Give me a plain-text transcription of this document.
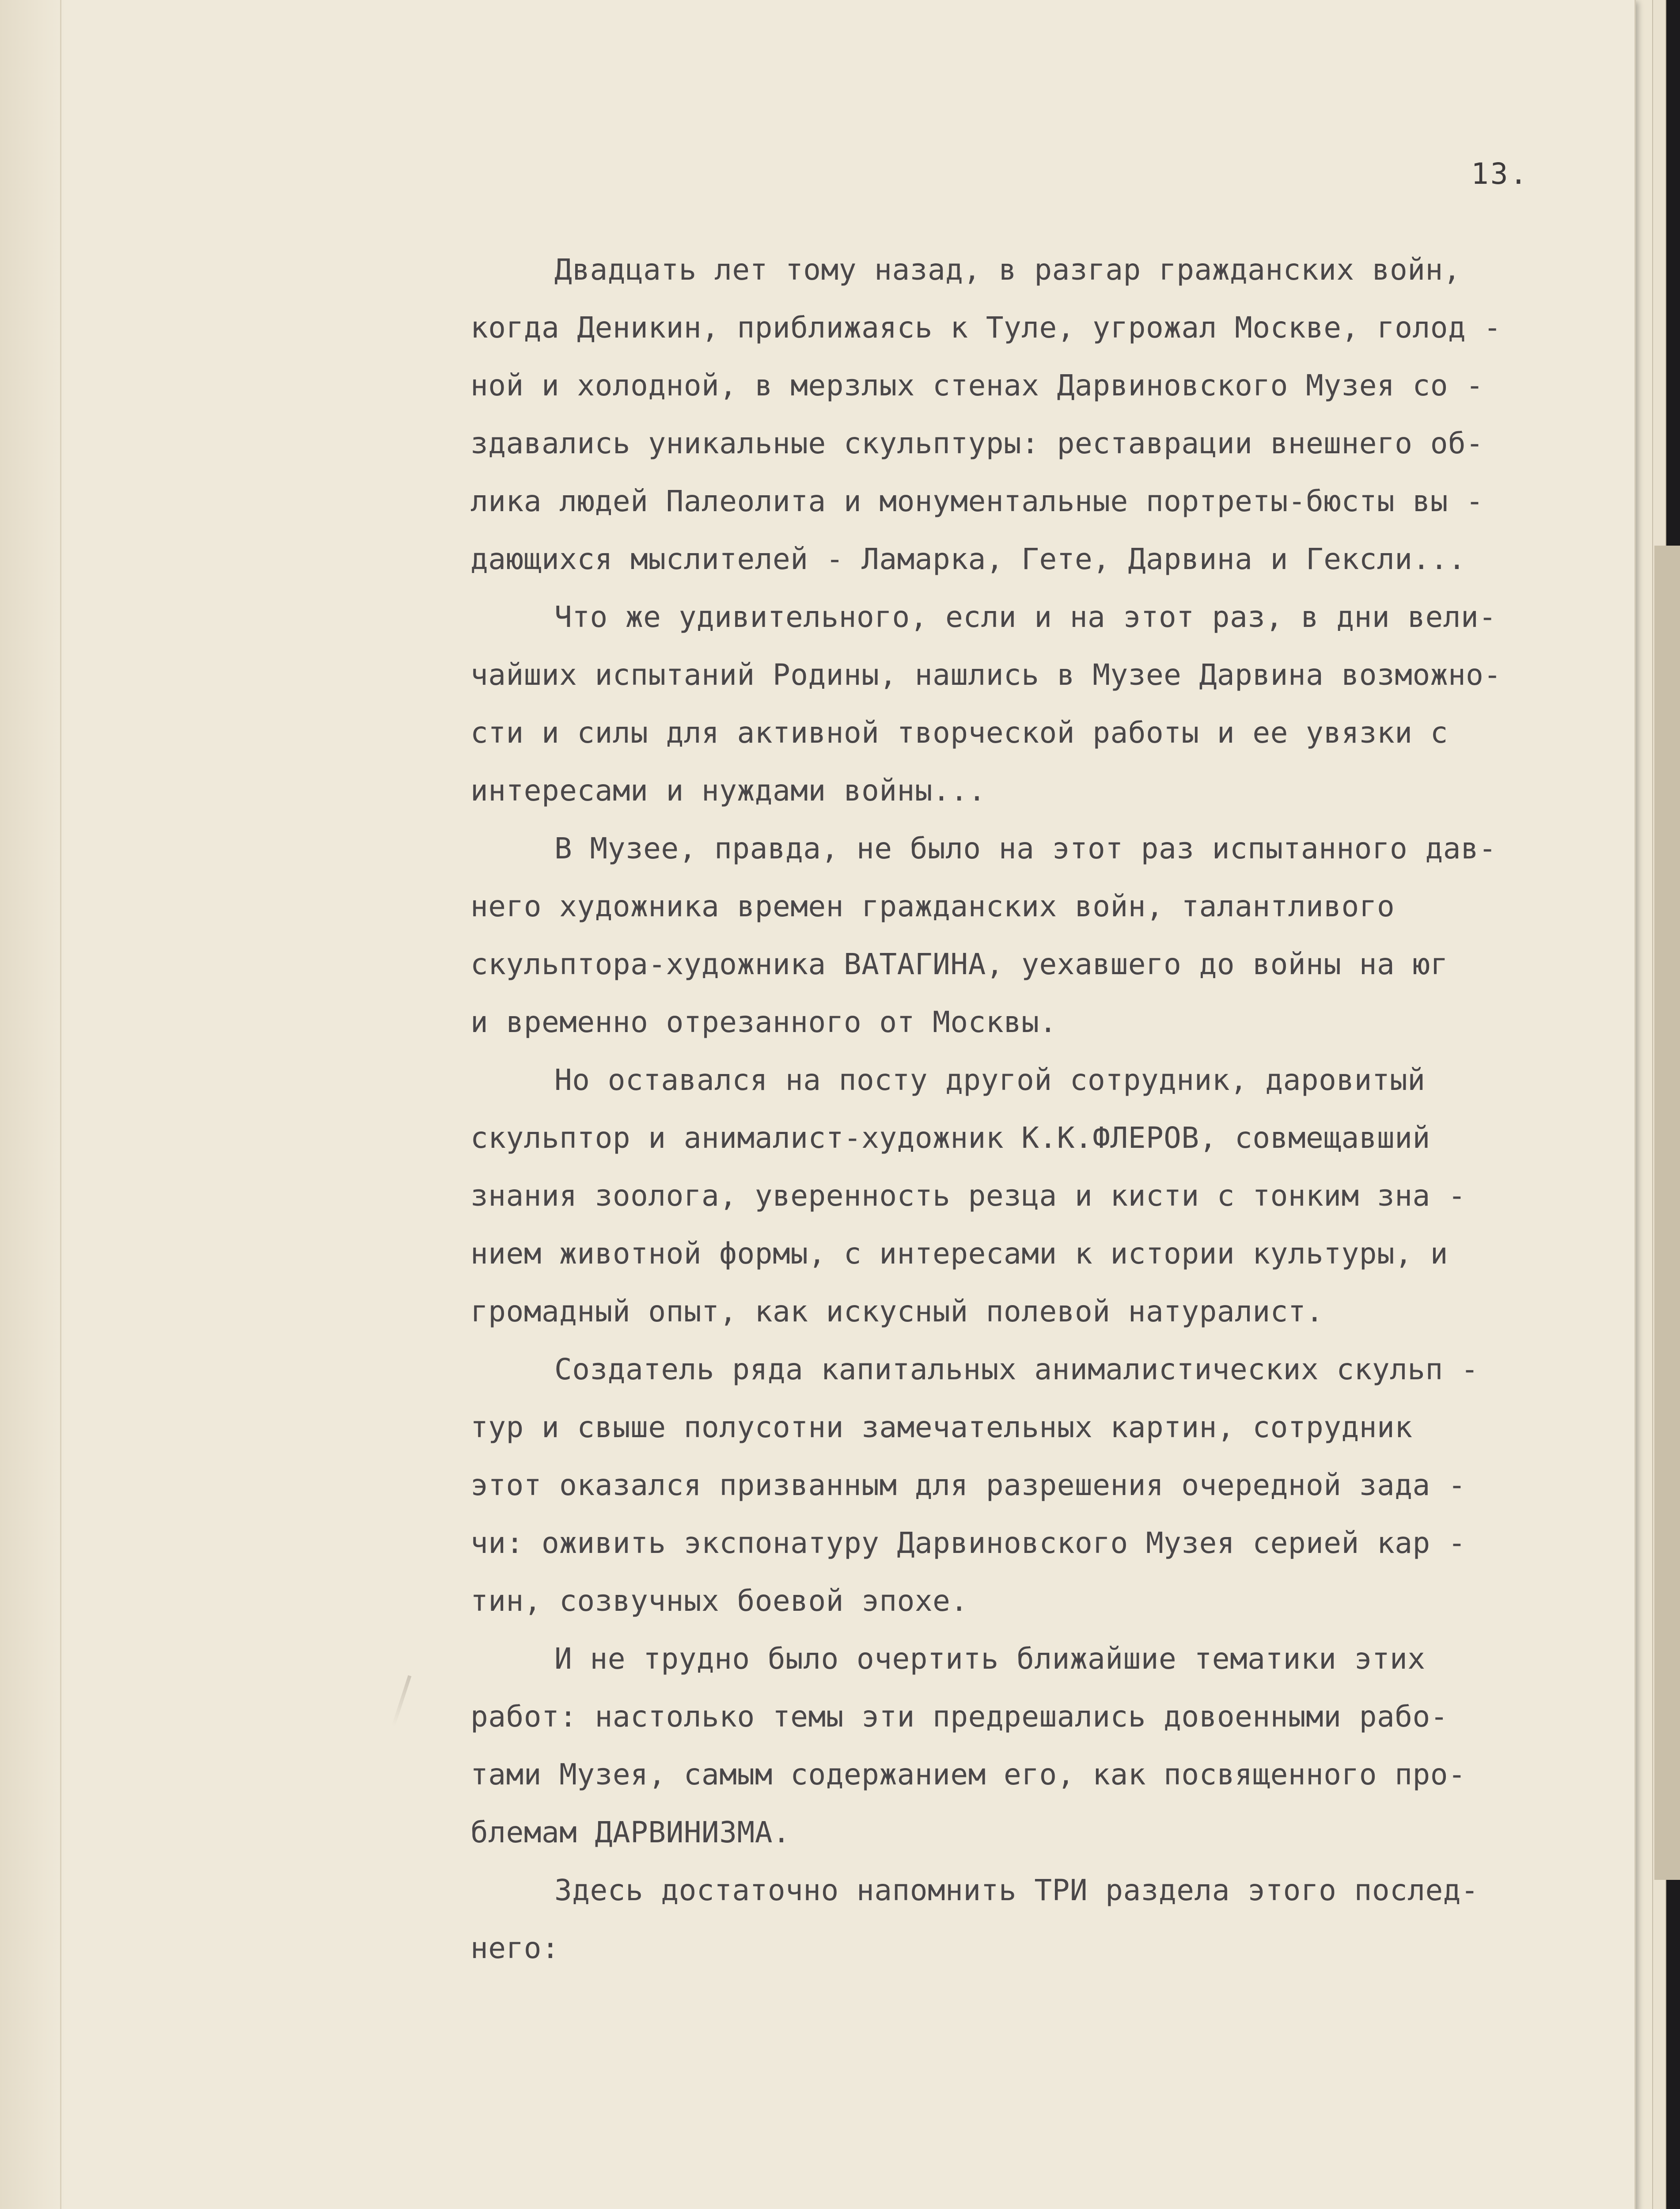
13.
Двадцать лет тому назад, в разгар гражданских войн,
когда Деникин, приближаясь к Туле, угрожал Москве, голод -
ной и холодной, в мерзлых стенах Дарвиновского Музея со -
здавались уникальные скульптуры: реставрации внешнего об-
лика людей Палеолита и монументальные портреты-бюсты вы -
дающихся мыслителей - Ламарка, Гете, Дарвина и Гексли...
Что же удивительного, если и на этот раз, в дни вели-
чайших испытаний Родины, нашлись в Музее Дарвина возможно-
сти и силы для активной творческой работы и ее увязки с
интересами и нуждами войны...
В Музее, правда, не было на этот раз испытанного дав-
него художника времен гражданских войн, талантливого
скульптора-художника ВАТАГИНА, уехавшего до войны на юг
и временно отрезанного от Москвы.
Но оставался на посту другой сотрудник, даровитый
скульптор и анималист-художник К.К.ФЛЕРОВ, совмещавший
знания зоолога, уверенность резца и кисти с тонким зна -
нием животной формы, с интересами к истории культуры, и
громадный опыт, как искусный полевой натуралист.
Создатель ряда капитальных анималистических скульп -
тур и свыше полусотни замечательных картин, сотрудник
этот оказался призванным для разрешения очередной зада -
чи: оживить экспонатуру Дарвиновского Музея серией кар -
тин, созвучных боевой эпохе.
И не трудно было очертить ближайшие тематики этих
работ: настолько темы эти предрешались довоенными рабо-
тами Музея, самым содержанием его, как посвященного про-
блемам ДАРВИНИЗМА.
Здесь достаточно напомнить ТРИ раздела этого послед-
него:
